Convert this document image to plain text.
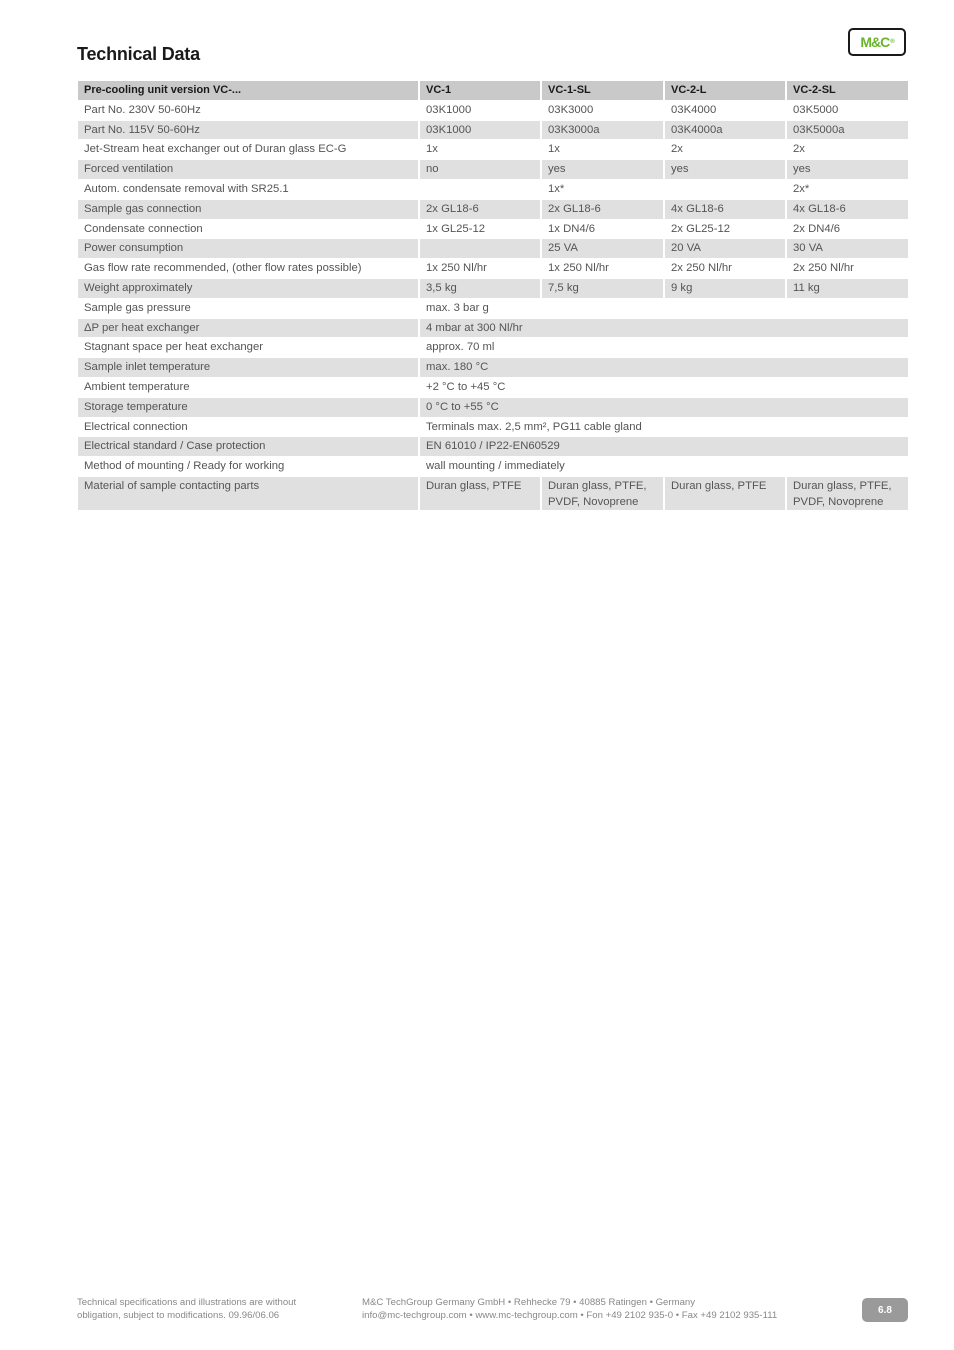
Technical Data
M&C ®
Pre-cooling unit version VC-...	VC-1	VC-1-SL	VC-2-L	VC-2-SL
Part No. 230V 50-60Hz	03K1000	03K3000	03K4000	03K5000
Part No. 115V 50-60Hz	03K1000	03K3000a	03K4000a	03K5000a
Jet-Stream heat exchanger out of Duran glass EC-G	1x	1x	2x	2x
Forced ventilation	no	yes	yes	yes
Autom. condensate removal with SR25.1		1x*		2x*
Sample gas connection	2x GL18-6	2x GL18-6	4x GL18-6	4x GL18-6
Condensate connection	1x GL25-12	1x DN4/6	2x GL25-12	2x DN4/6
Power consumption		25 VA	20 VA	30 VA
Gas flow rate recommended, (other flow rates possible)	1x 250 Nl/hr	1x 250 Nl/hr	2x 250 Nl/hr	2x 250 Nl/hr
Weight approximately	3,5 kg	7,5 kg	9 kg	11 kg
Sample gas pressure	max. 3 bar g			
ΔP per heat exchanger	4 mbar at 300 Nl/hr			
Stagnant space per heat exchanger	approx. 70 ml			
Sample inlet temperature	max. 180 °C			
Ambient temperature	+2 °C to +45 °C			
Storage temperature	0 °C to +55 °C			
Electrical connection	Terminals max. 2,5 mm², PG11 cable gland			
Electrical standard / Case protection	EN 61010 / IP22-EN60529			
Method of mounting / Ready for working	wall mounting / immediately			
Material of sample contacting parts	Duran glass, PTFE	Duran glass, PTFE, PVDF, Novoprene	Duran glass, PTFE	Duran glass, PTFE, PVDF, Novoprene
Technical specifications and illustrations are without
obligation, subject to modifications. 09.96/06.06
M&C TechGroup Germany GmbH • Rehhecke 79 • 40885 Ratingen • Germany
info@mc-techgroup.com • www.mc-techgroup.com • Fon +49 2102 935-0 • Fax +49 2102 935-111	6.8
